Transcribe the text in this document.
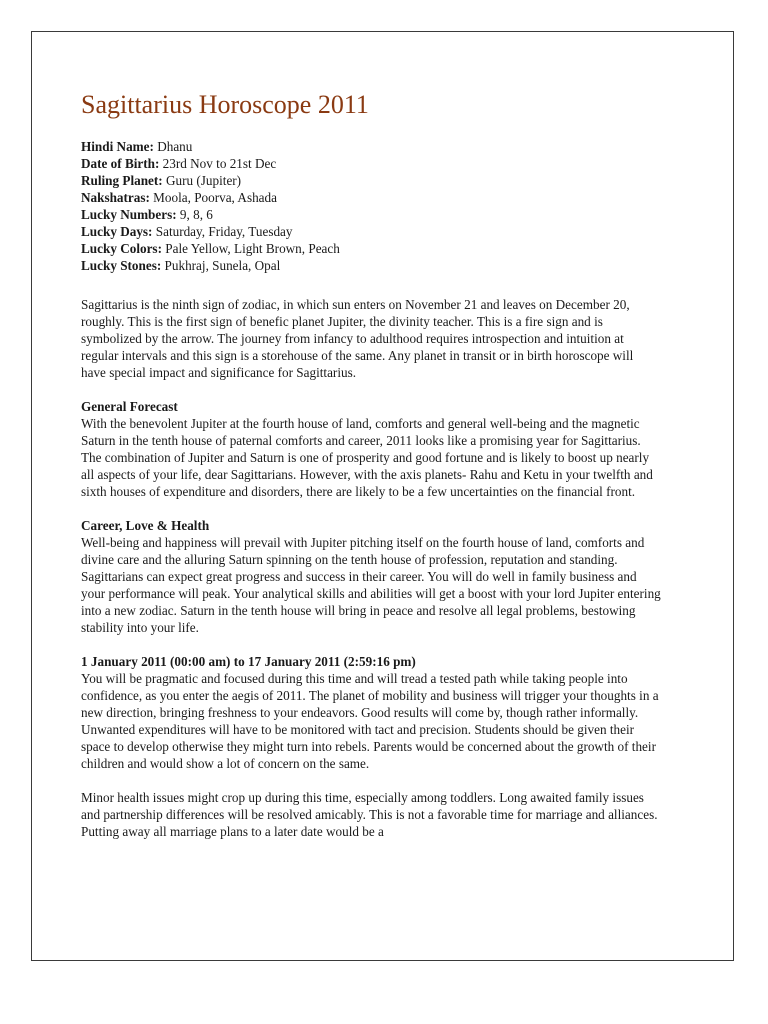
Sagittarius Horoscope 2011
Hindi Name: Dhanu
Date of Birth: 23rd Nov to 21st Dec
Ruling Planet: Guru (Jupiter)
Nakshatras: Moola, Poorva, Ashada
Lucky Numbers: 9, 8, 6
Lucky Days: Saturday, Friday, Tuesday
Lucky Colors: Pale Yellow, Light Brown, Peach
Lucky Stones: Pukhraj, Sunela, Opal

Sagittarius is the ninth sign of zodiac, in which sun enters on November 21 and leaves on December 20, roughly. This is the first sign of benefic planet Jupiter, the divinity teacher. This is a fire sign and is symbolized by the arrow. The journey from infancy to adulthood requires introspection and intuition at regular intervals and this sign is a storehouse of the same. Any planet in transit or in birth horoscope will have special impact and significance for Sagittarius.

General Forecast

With the benevolent Jupiter at the fourth house of land, comforts and general well-being and the magnetic Saturn in the tenth house of paternal comforts and career, 2011 looks like a promising year for Sagittarius. The combination of Jupiter and Saturn is one of prosperity and good fortune and is likely to boost up nearly all aspects of your life, dear Sagittarians. However, with the axis planets- Rahu and Ketu in your twelfth and sixth houses of expenditure and disorders, there are likely to be a few uncertainties on the financial front.

Career, Love & Health

Well-being and happiness will prevail with Jupiter pitching itself on the fourth house of land, comforts and divine care and the alluring Saturn spinning on the tenth house of profession, reputation and standing. Sagittarians can expect great progress and success in their career. You will do well in family business and your performance will peak. Your analytical skills and abilities will get a boost with your lord Jupiter entering into a new zodiac. Saturn in the tenth house will bring in peace and resolve all legal problems, bestowing stability into your life.

1 January 2011 (00:00 am) to 17 January 2011 (2:59:16 pm)

You will be pragmatic and focused during this time and will tread a tested path while taking people into confidence, as you enter the aegis of 2011. The planet of mobility and business will trigger your thoughts in a new direction, bringing freshness to your endeavors. Good results will come by, though rather informally. Unwanted expenditures will have to be monitored with tact and precision. Students should be given their space to develop otherwise they might turn into rebels. Parents would be concerned about the growth of their children and would show a lot of concern on the same.

Minor health issues might crop up during this time, especially among toddlers. Long awaited family issues and partnership differences will be resolved amicably. This is not a favorable time for marriage and alliances. Putting away all marriage plans to a later date would be a
